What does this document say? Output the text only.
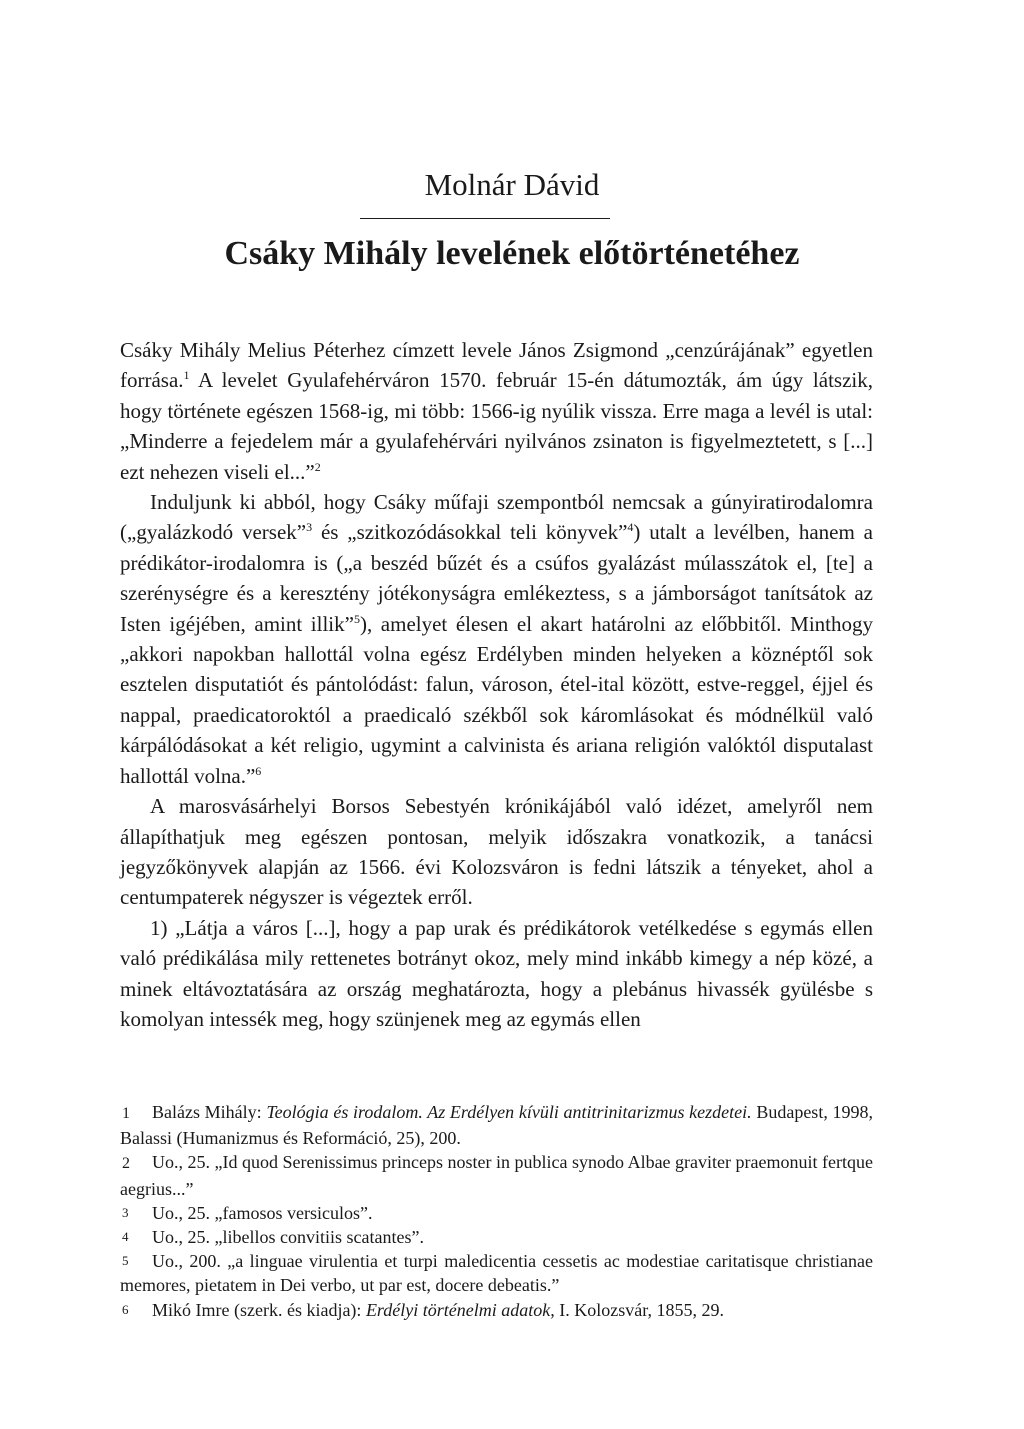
Molnár Dávid
Csáky Mihály levelének előtörténetéhez

Csáky Mihály Melius Péterhez címzett levele János Zsigmond „cenzúrájának” egyetlen forrása.$^1$ A levelet Gyulafehérváron 1570. február 15-én dátumozták, ám úgy látszik, hogy története egészen 1568-ig, mi több: 1566-ig nyúlik vissza. Erre maga a levél is utal: „Minderre a fejedelem már a gyulafehérvári nyilvános zsinaton is figyelmeztetett, s [...] ezt nehezen viseli el...”$^2$

Induljunk ki abból, hogy Csáky műfaji szempontból nemcsak a gúnyiratirodalomra („gyalázkodó versek”$^3$ és „szitkozódásokkal teli könyvek”$^4$) utalt a levélben, hanem a prédikátor-irodalomra is („a beszéd bűzét és a csúfos gyalázást múlasszátok el, [te] a szerénységre és a keresztény jótékonyságra emlékeztess, s a jámborságot tanítsátok az Isten igéjében, amint illik”$^5$), amelyet élesen el akart határolni az előbbitől. Minthogy „akkori napokban hallottál volna egész Erdélyben minden helyeken a köznéptől sok esztelen disputatiót és pántolódást: falun, városon, étel-ital között, estve-reggel, éjjel és nappal, praedicatoroktól a praedicaló székből sok káromlásokat és módnélkül való kárpálódásokat a két religio, ugymint a calvinista és ariana religión valóktól disputalast hallottál volna.”$^6$

A marosvásárhelyi Borsos Sebestyén krónikájából való idézet, amelyről nem állapíthatjuk meg egészen pontosan, melyik időszakra vonatkozik, a tanácsi jegyzőkönyvek alapján az 1566. évi Kolozsváron is fedni látszik a tényeket, ahol a centumpaterek négyszer is végeztek erről.

1) „Látja a város [...], hogy a pap urak és prédikátorok vetélkedése s egymás ellen való prédikálása mily rettenetes botrányt okoz, mely mind inkább kimegy a nép közé, a minek eltávoztatására az ország meghatározta, hogy a plebánus hivassék gyülésbe s komolyan intessék meg, hogy szünjenek meg az egymás ellen

1 Balázs Mihály: Teológia és irodalom. Az Erdélyen kívüli antitrinitarizmus kezdetei. Budapest, 1998, Balassi (Humanizmus és Reformáció, 25), 200.

2 Uo., 25. „Id quod Serenissimus princeps noster in publica synodo Albae graviter praemonuit fertque aegrius...”

3 Uo., 25. „famosos versiculos”.

4 Uo., 25. „libellos convitiis scatantes”.

5 Uo., 200. „a linguae virulentia et turpi maledicentia cessetis ac modestiae caritatisque christianae memores, pietatem in Dei verbo, ut par est, docere debeatis.”

6 Mikó Imre (szerk. és kiadja): Erdélyi történelmi adatok, I. Kolozsvár, 1855, 29.
